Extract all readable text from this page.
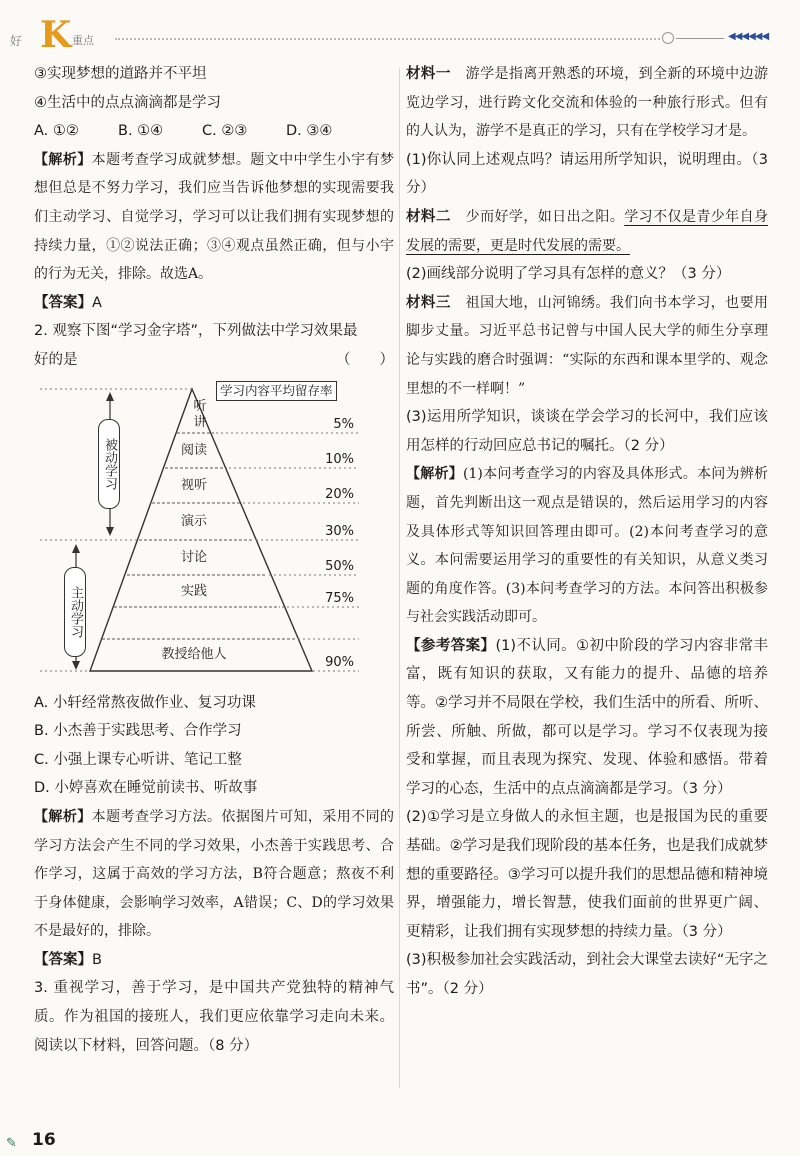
好 K 重点	◀◀◀◀◀◀

③实现梦想的道路并不平坦

④生活中的点点滴滴都是学习

A. ①②	B. ①④	C. ②③	D. ③④

【解析】本题考查学习成就梦想。题文中中学生小宇有梦想但总是不努力学习，我们应当告诉他梦想的实现需要我们主动学习、自觉学习，学习可以让我们拥有实现梦想的持续力量，①②说法正确；③④观点虽然正确，但与小宇的行为无关，排除。故选A。

【答案】A

2. 观察下图“学习金字塔”，下列做法中学习效果最

好的是	（　　）

学习内容平均留存率
听讲
阅读
视听
演示
讨论
实践
教授给他人
5%
10%
20%
30%
50%
75%
90%
被动学习
主动学习

A. 小轩经常熬夜做作业、复习功课

B. 小杰善于实践思考、合作学习

C. 小强上课专心听讲、笔记工整

D. 小婷喜欢在睡觉前读书、听故事

【解析】本题考查学习方法。依据图片可知，采用不同的学习方法会产生不同的学习效果，小杰善于实践思考、合作学习，这属于高效的学习方法，B符合题意；熬夜不利于身体健康，会影响学习效率，A错误；C、D的学习效果不是最好的，排除。

【答案】B

3. 重视学习，善于学习，是中国共产党独特的精神气质。作为祖国的接班人，我们更应依靠学习走向未来。阅读以下材料，回答问题。（8 分）

材料一　 游学是指离开熟悉的环境，到全新的环境中边游览边学习，进行跨文化交流和体验的一种旅行形式。但有的人认为，游学不是真正的学习，只有在学校学习才是。

(1)你认同上述观点吗？请运用所学知识，说明理由。（3分）

材料二　 少而好学，如日出之阳。学习不仅是青少年自身发展的需要，更是时代发展的需要。

(2)画线部分说明了学习具有怎样的意义？（3 分）

材料三　 祖国大地，山河锦绣。我们向书本学习，也要用脚步丈量。习近平总书记曾与中国人民大学的师生分享理论与实践的磨合时强调：“实际的东西和课本里学的、观念里想的不一样啊！”

(3)运用所学知识，谈谈在学会学习的长河中，我们应该用怎样的行动回应总书记的嘱托。（2 分）

【解析】(1)本问考查学习的内容及具体形式。本问为辨析题，首先判断出这一观点是错误的，然后运用学习的内容及具体形式等知识回答理由即可。(2)本问考查学习的意义。本问需要运用学习的重要性的有关知识，从意义类习题的角度作答。(3)本问考查学习的方法。本问答出积极参与社会实践活动即可。

【参考答案】(1)不认同。①初中阶段的学习内容非常丰富，既有知识的获取，又有能力的提升、品德的培养等。②学习并不局限在学校，我们生活中的所看、所听、所尝、所触、所做，都可以是学习。学习不仅表现为接受和掌握，而且表现为探究、发现、体验和感悟。带着学习的心态，生活中的点点滴滴都是学习。（3 分）

(2)①学习是立身做人的永恒主题，也是报国为民的重要基础。②学习是我们现阶段的基本任务，也是我们成就梦想的重要路径。③学习可以提升我们的思想品德和精神境界，增强能力，增长智慧，使我们面前的世界更广阔、更精彩，让我们拥有实现梦想的持续力量。（3 分）

(3)积极参加社会实践活动，到社会大课堂去读好“无字之书”。（2 分）

✎ 16
